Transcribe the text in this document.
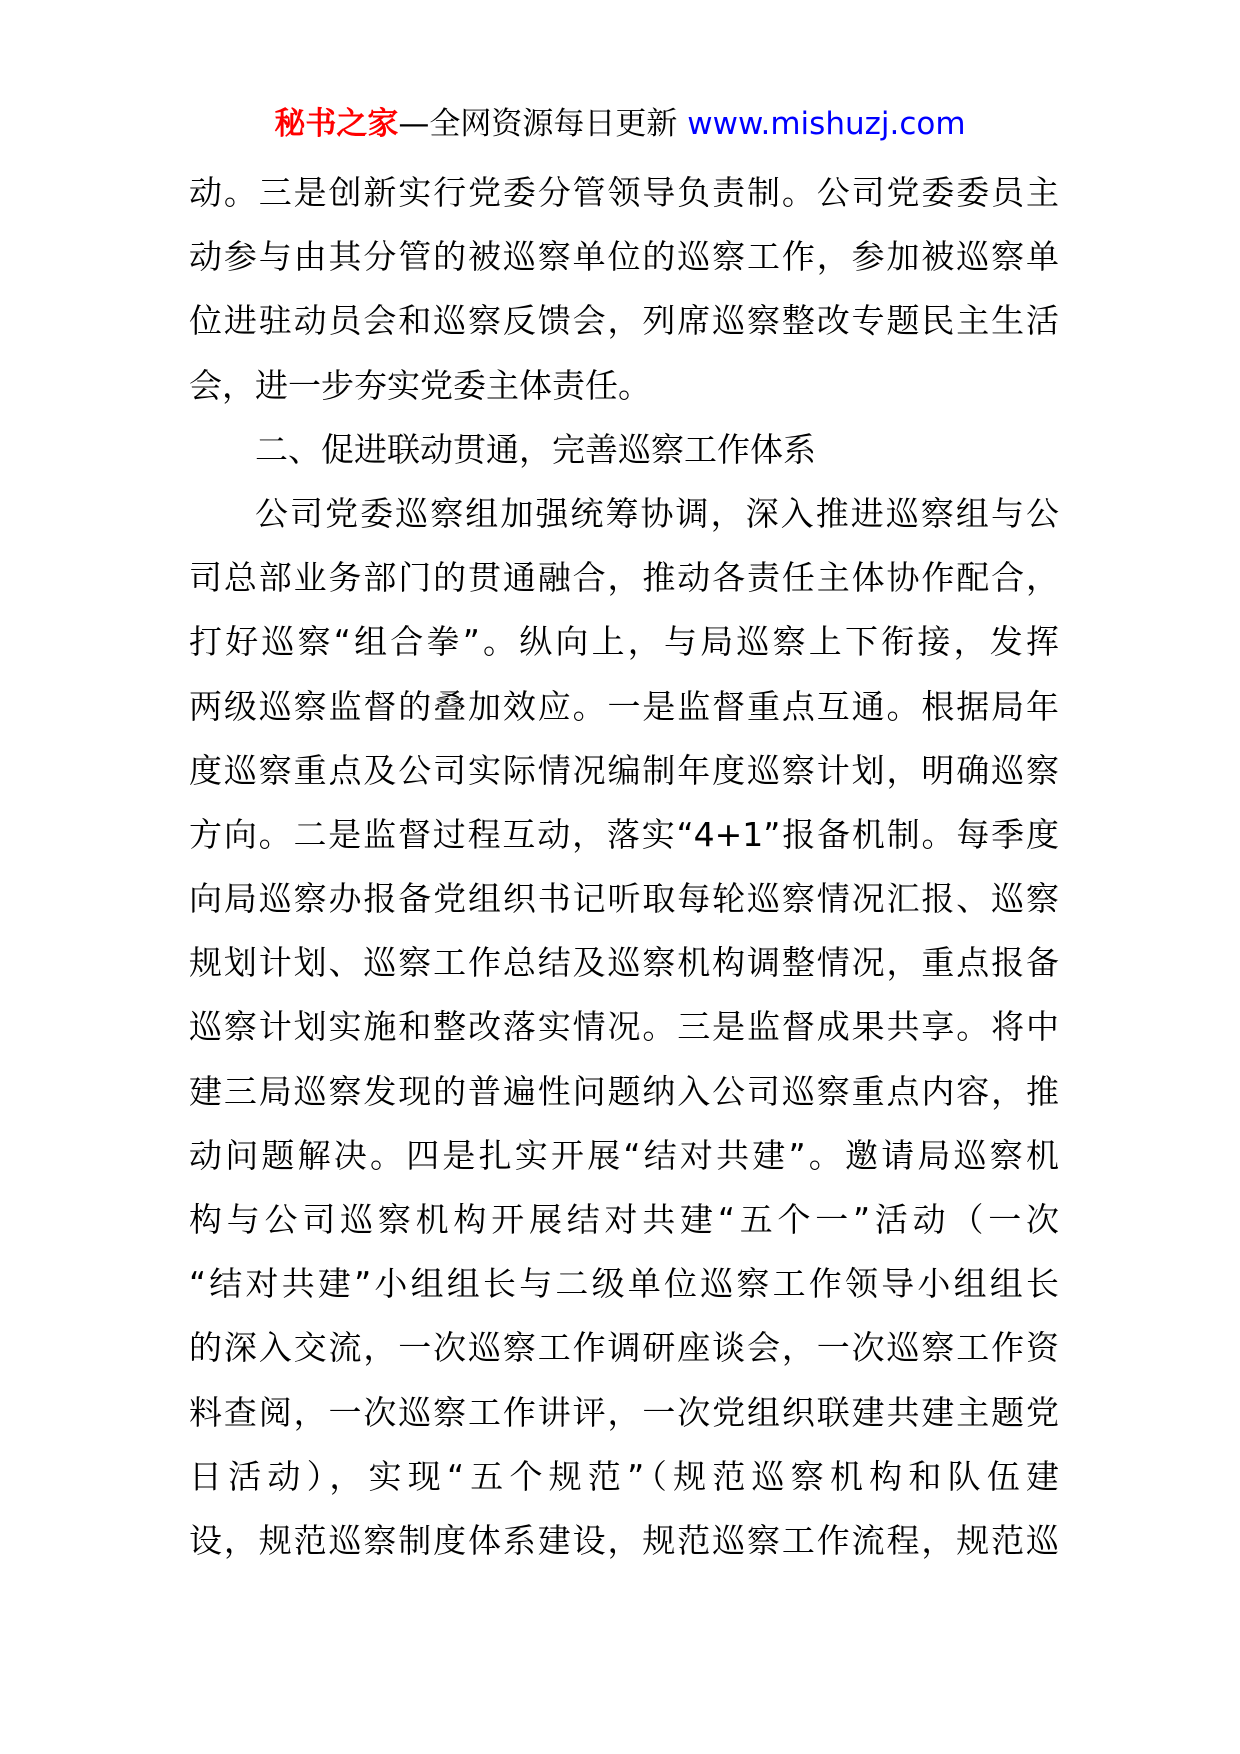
秘书之家—全网资源每日更新 www.mishuzj.com
动。三是创新实行党委分管领导负责制。公司党委委员主
动参与由其分管的被巡察单位的巡察工作，参加被巡察单
位进驻动员会和巡察反馈会，列席巡察整改专题民主生活
会，进一步夯实党委主体责任。
二、促进联动贯通，完善巡察工作体系
公司党委巡察组加强统筹协调，深入推进巡察组与公
司总部业务部门的贯通融合，推动各责任主体协作配合，
打好巡察“组合拳”。纵向上，与局巡察上下衔接，发挥
两级巡察监督的叠加效应。一是监督重点互通。根据局年
度巡察重点及公司实际情况编制年度巡察计划，明确巡察
方向。二是监督过程互动，落实“4+1”报备机制。每季度
向局巡察办报备党组织书记听取每轮巡察情况汇报、巡察
规划计划、巡察工作总结及巡察机构调整情况，重点报备
巡察计划实施和整改落实情况。三是监督成果共享。将中
建三局巡察发现的普遍性问题纳入公司巡察重点内容，推
动问题解决。四是扎实开展“结对共建”。邀请局巡察机
构与公司巡察机构开展结对共建“五个一”活动（一次
“结对共建”小组组长与二级单位巡察工作领导小组组长
的深入交流，一次巡察工作调研座谈会，一次巡察工作资
料查阅，一次巡察工作讲评，一次党组织联建共建主题党
日活动），实现“五个规范”（规范巡察机构和队伍建
设，规范巡察制度体系建设，规范巡察工作流程，规范巡
